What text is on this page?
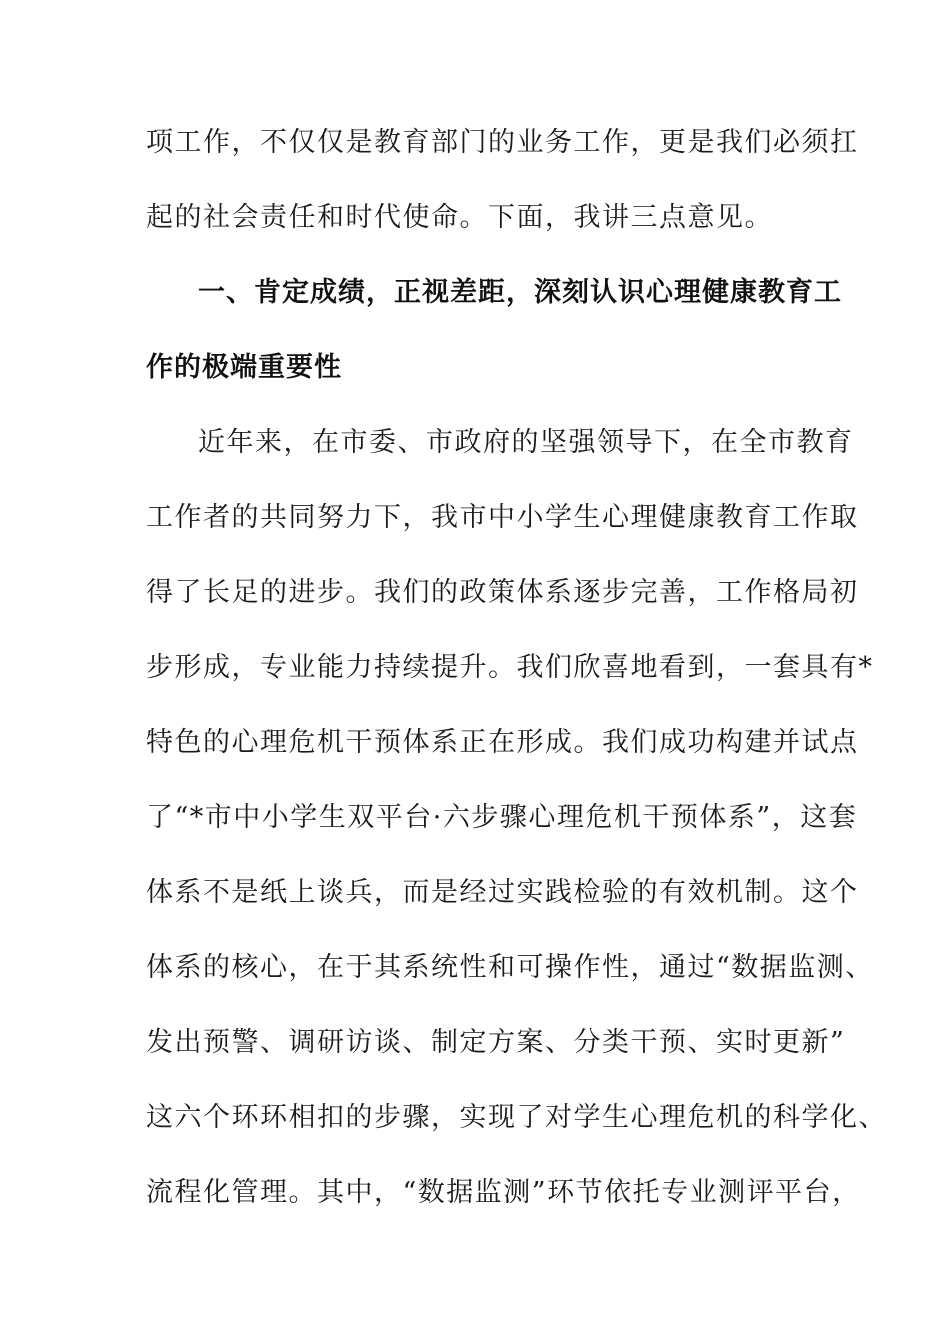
项工作，不仅仅是教育部门的业务工作，更是我们必须扛
起的社会责任和时代使命。下面，我讲三点意见。
一、肯定成绩，正视差距，深刻认识心理健康教育工
作的极端重要性
近年来，在市委、市政府的坚强领导下，在全市教育
工作者的共同努力下，我市中小学生心理健康教育工作取
得了长足的进步。我们的政策体系逐步完善，工作格局初
步形成，专业能力持续提升。我们欣喜地看到，一套具有*
特色的心理危机干预体系正在形成。我们成功构建并试点
了“*市中小学生双平台·六步骤心理危机干预体系”，这套
体系不是纸上谈兵，而是经过实践检验的有效机制。这个
体系的核心，在于其系统性和可操作性，通过“数据监测、
发出预警、调研访谈、制定方案、分类干预、实时更新”
这六个环环相扣的步骤，实现了对学生心理危机的科学化、
流程化管理。其中，“数据监测”环节依托专业测评平台，
